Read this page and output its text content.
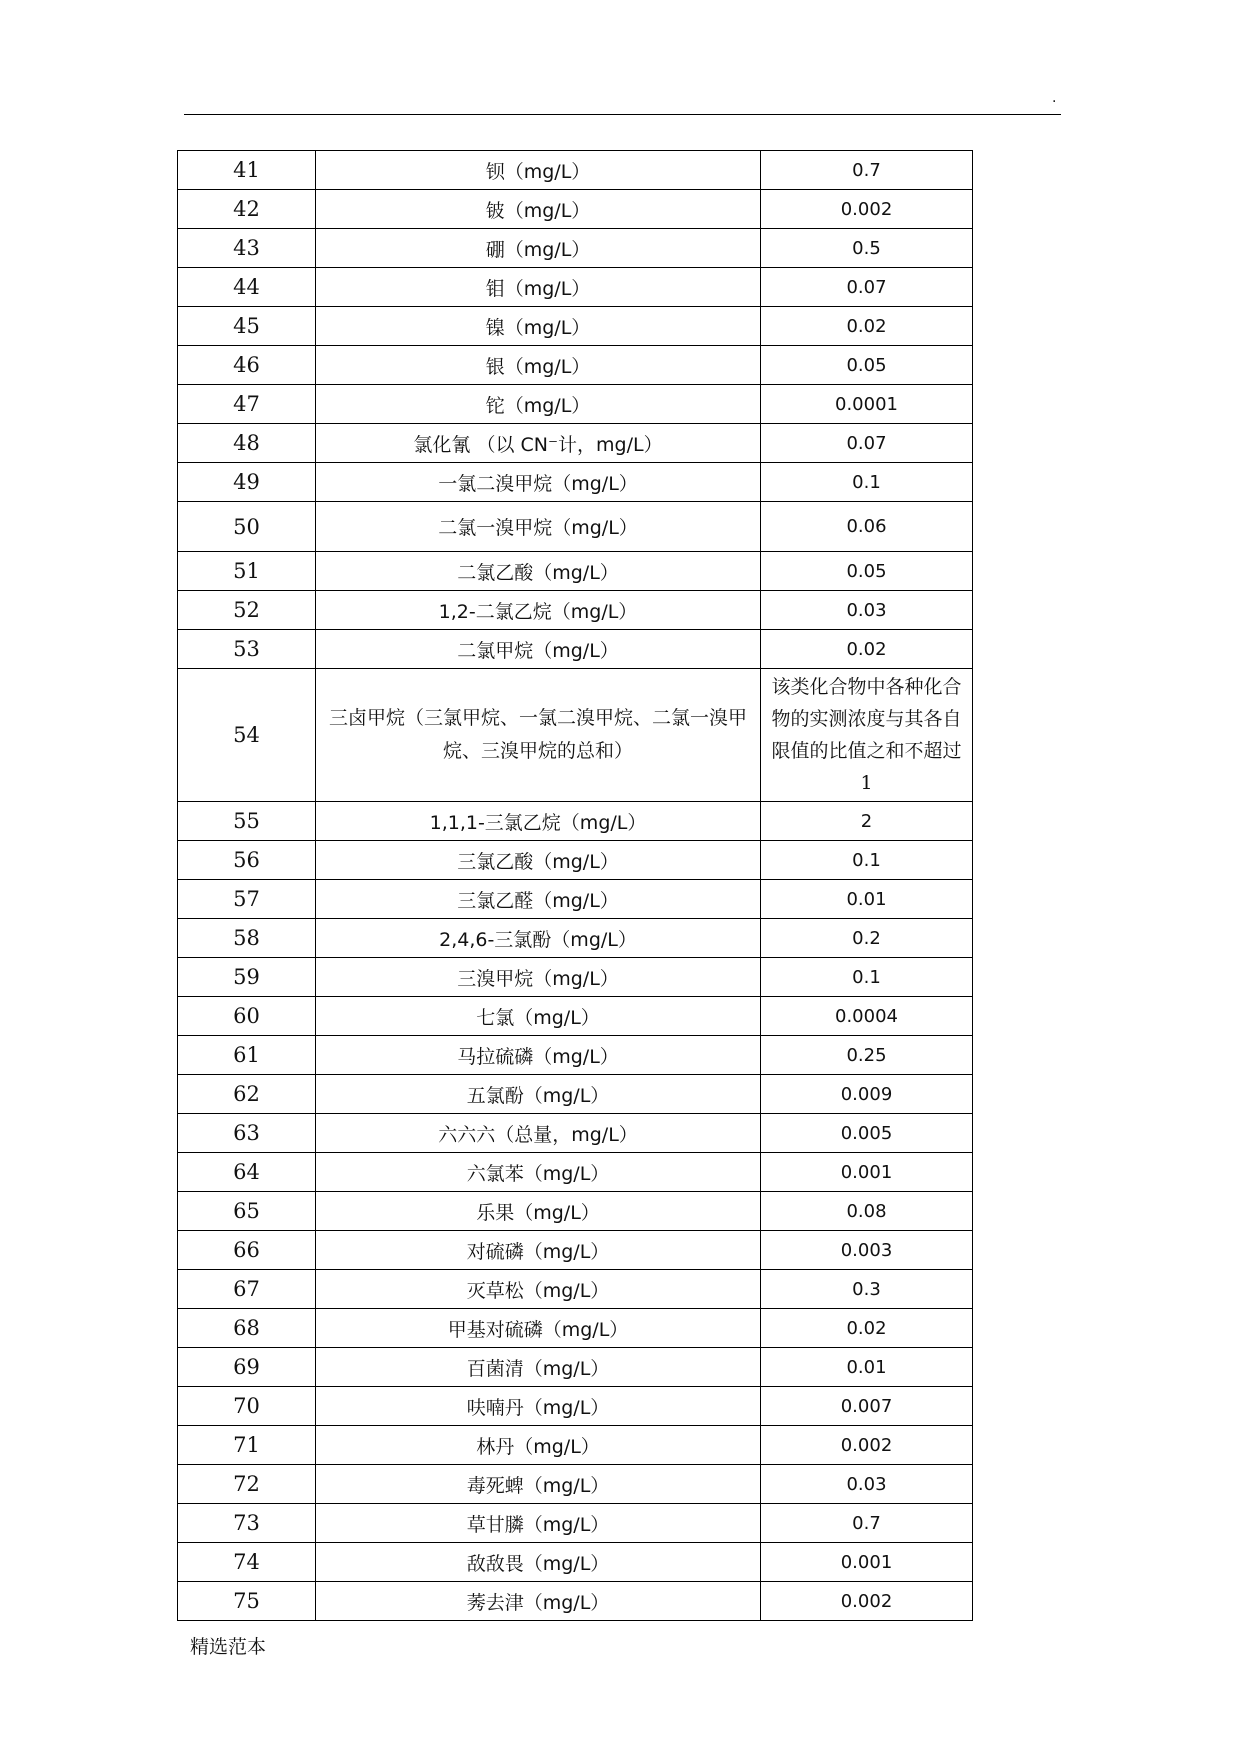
.
41	钡（mg/L）	0.7
42	铍（mg/L）	0.002
43	硼（mg/L）	0.5
44	钼（mg/L）	0.07
45	镍（mg/L）	0.02
46	银（mg/L）	0.05
47	铊（mg/L）	0.0001
48	氯化氰 （以 CN⁻计，mg/L）	0.07
49	一氯二溴甲烷（mg/L）	0.1
50	二氯一溴甲烷（mg/L）	0.06
51	二氯乙酸（mg/L）	0.05
52	1,2-二氯乙烷（mg/L）	0.03
53	二氯甲烷（mg/L）	0.02
54	三卤甲烷（三氯甲烷、一氯二溴甲烷、二氯一溴甲烷、三溴甲烷的总和）	该类化合物中各种化合物的实测浓度与其各自限值的比值之和不超过 1
55	1,1,1-三氯乙烷（mg/L）	2
56	三氯乙酸（mg/L）	0.1
57	三氯乙醛（mg/L）	0.01
58	2,4,6-三氯酚（mg/L）	0.2
59	三溴甲烷（mg/L）	0.1
60	七氯（mg/L）	0.0004
61	马拉硫磷（mg/L）	0.25
62	五氯酚（mg/L）	0.009
63	六六六（总量，mg/L）	0.005
64	六氯苯（mg/L）	0.001
65	乐果（mg/L）	0.08
66	对硫磷（mg/L）	0.003
67	灭草松（mg/L）	0.3
68	甲基对硫磷（mg/L）	0.02
69	百菌清（mg/L）	0.01
70	呋喃丹（mg/L）	0.007
71	林丹（mg/L）	0.002
72	毒死蜱（mg/L）	0.03
73	草甘膦（mg/L）	0.7
74	敌敌畏（mg/L）	0.001
75	莠去津（mg/L）	0.002
精选范本
